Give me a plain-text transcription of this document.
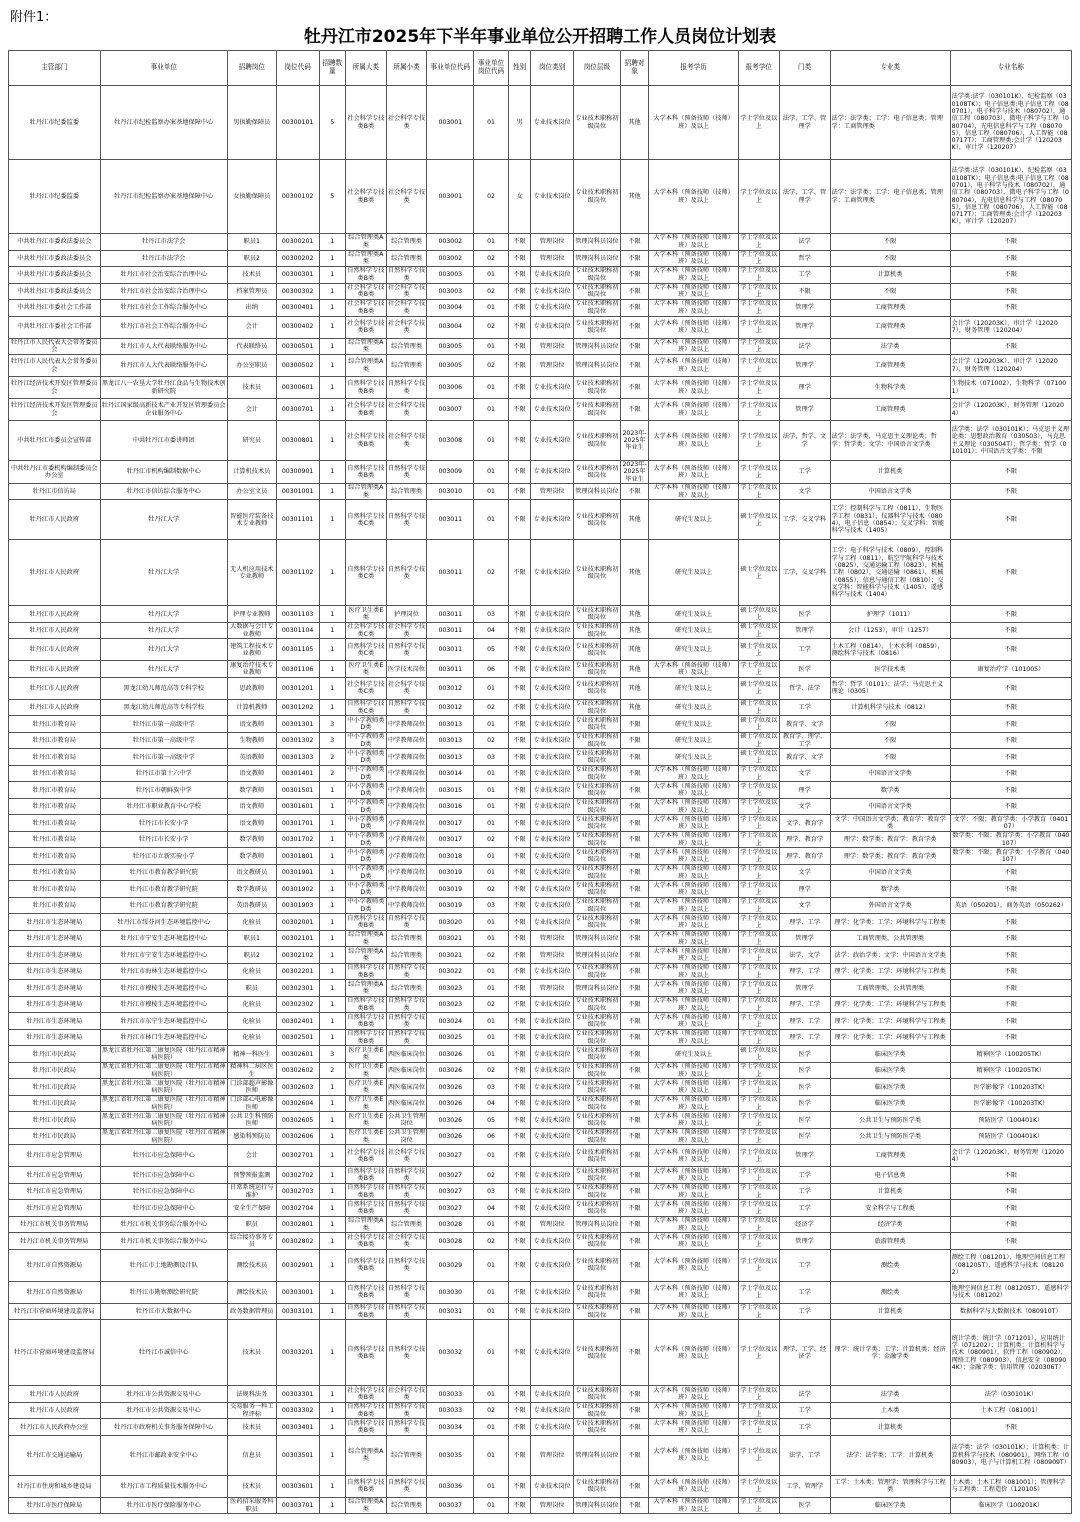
附件1：
牡丹江市2025年下半年事业单位公开招聘工作人员岗位计划表
主管部门	事业单位	招聘岗位	岗位代码	招聘数量	所属大类	所属小类	事业单位代码	事业单位岗位代码	性别	岗位类别	岗位层级	招聘对象	报考学历	报考学位	门类	专业类	专业名称
牡丹江市纪委监委	牡丹江市纪检监察办案基地保障中心	男执勤保障员	00300101	5	社会科学专技类B类	社会科学专技类	003001	01	男	专业技术岗位	专业技术职称初级岗位	其他	大学本科（预备技师（技师）班）及以上	学士学位及以上	法学、工学、管理学	法学：法学类；工学：电子信息类；管理学：工商管理类	法学类:法学（030101K），纪检监察（030108TK）；电子信息类:电子信息工程（080701），电子科学与技术（080702），通信工程（080703），微电子科学与工程（080704），光电信息科学与工程（080705），信息工程（080706），人工智能（080717T）；工商管理类:会计学（120203K），审计学（120207）
牡丹江市纪委监委	牡丹江市纪检监察办案基地保障中心	女执勤保障员	00300102	5	社会科学专技类B类	社会科学专技类	003001	02	女	专业技术岗位	专业技术职称初级岗位	其他	大学本科（预备技师（技师）班）及以上	学士学位及以上	法学、工学、管理学	法学：法学类；工学：电子信息类；管理学：工商管理类	法学类:法学（030101K），纪检监察（030108TK）；电子信息类:电子信息工程（080701），电子科学与技术（080702），通信工程（080703），微电子科学与工程（080704），光电信息科学与工程（080705），信息工程（080706），人工智能（080717T）；工商管理类:会计学（120203K），审计学（120207）
中共牡丹江市委政法委员会	牡丹江市法学会	职员1	00300201	1	综合管理类A类	综合管理类	003002	01	不限	管理岗位	管理岗科员岗位	不限	大学本科（预备技师（技师）班）及以上	学士学位及以上	法学	不限	不限
中共牡丹江市委政法委员会	牡丹江市法学会	职员2	00300202	1	综合管理类A类	综合管理类	003002	02	不限	管理岗位	管理岗科员岗位	不限	大学本科（预备技师（技师）班）及以上	学士学位及以上	哲学	不限	不限
中共牡丹江市委政法委员会	牡丹江市社会治安综合治理中心	技术员	00300301	1	自然科学专技类B类	自然科学专技类	003003	01	不限	专业技术岗位	专业技术职称初级岗位	不限	大学本科（预备技师（技师）班）及以上	学士学位及以上	工学	计算机类	不限
中共牡丹江市委政法委员会	牡丹江市社会治安综合治理中心	档案管理员	00300302	1	社会科学专技类B类	社会科学专技类	003003	02	不限	专业技术岗位	专业技术职称初级岗位	不限	大学本科（预备技师（技师）班）及以上	学士学位及以上	不限	不限	不限
中共牡丹江市委社会工作部	牡丹江市社会工作综合服务中心	出纳	00300401	1	社会科学专技类B类	社会科学专技类	003004	01	不限	专业技术岗位	专业技术职称初级岗位	不限	大学本科（预备技师（技师）班）及以上	学士学位及以上	管理学	工商管理类	不限
中共牡丹江市委社会工作部	牡丹江市社会工作综合服务中心	会计	00300402	1	社会科学专技类B类	社会科学专技类	003004	02	不限	专业技术岗位	专业技术职称初级岗位	不限	大学本科（预备技师（技师）班）及以上	学士学位及以上	管理学	工商管理类	会计学（120203K），审计学（120207），财务管理（120204）
牡丹江市人民代表大会常务委员会	牡丹江市人大代表联络服务中心	代表联络员	00300501	1	综合管理类A类	综合管理类	003005	01	不限	管理岗位	管理岗科员岗位	不限	大学本科（预备技师（技师）班）及以上	学士学位及以上	法学	法学类	不限
牡丹江市人民代表大会常务委员会	牡丹江市人大代表联络服务中心	办公室职员	00300502	1	综合管理类A类	综合管理类	003005	02	不限	管理岗位	管理岗科员岗位	不限	大学本科（预备技师（技师）班）及以上	学士学位及以上	管理学	工商管理类	会计学（120203K），审计学（120207），财务管理（120204）
牡丹江经济技术开发区管理委员会	黑龙江八一农垦大学牡丹江食品与生物技术创新研究院	技术员	00300601	1	自然科学专技类B类	自然科学专技类	003006	01	不限	专业技术岗位	专业技术职称初级岗位	不限	大学本科（预备技师（技师）班）及以上	学士学位及以上	理学	生物科学类	生物技术（071002），生物科学（071001）
牡丹江经济技术开发区管理委员会	牡丹江国家级高新技术产业开发区管理委员会企业服务中心	会计	00300701	1	社会科学专技类B类	社会科学专技类	003007	01	不限	专业技术岗位	专业技术职称初级岗位	不限	大学本科（预备技师（技师）班）及以上	学士学位及以上	管理学	工商管理类	会计学（120203K），财务管理（120204）
中共牡丹江市委员会宣传部	中共牡丹江市委讲师团	研究员	00300801	1	社会科学专技类B类	社会科学专技类	003008	01	不限	专业技术岗位	专业技术职称初级岗位	2023年-2025年毕业生	大学本科（预备技师（技师）班）及以上	学士学位及以上	法学、哲学、文学	法学：法学类，马克思主义理论类；哲学：哲学类；文学：中国语言文学类	法学类：法学（030101K）；马克思主义理论类：思想政治教育（030503），马克思主义理论（030504T）；哲学类：哲学（010101）；中国语言文学类：不限
中共牡丹江市委机构编制委员会办公室	牡丹江市机构编制数据中心	计算机技术员	00300901	1	自然科学专技类B类	自然科学专技类	003009	01	不限	专业技术岗位	专业技术职称初级岗位	2023年-2025年毕业生	大学本科（预备技师（技师）班）及以上	学士学位及以上	工学	计算机类	不限
牡丹江市信访局	牡丹江市信访综合服务中心	办公室文员	00301001	1	综合管理类A类	综合管理类	003010	01	不限	管理岗位	管理岗科员岗位	不限	大学本科（预备技师（技师）班）及以上	学士学位及以上	文学	中国语言文学类	不限
牡丹江市人民政府	牡丹江大学	智能医疗装备技术专业教师	00301101	1	自然科学专技类C类	自然科学专技类	003011	01	不限	专业技术岗位	专业技术职称初级岗位	其他	研究生及以上	硕士学位及以上	工学、交叉学科	工学：控制科学与工程（0811），生物医学工程（0831），仪器科学与技术（0804），电子信息（0854）；交叉学科：智能科学与技术（1405）	不限
牡丹江市人民政府	牡丹江大学	无人机应用技术专业教师	00301102	1	自然科学专技类C类	自然科学专技类	003011	02	不限	专业技术岗位	专业技术职称初级岗位	其他	研究生及以上	硕士学位及以上	工学、交叉学科	工学：电子科学与技术（0809），控制科学与工程（0811），航空宇航科学与技术（0825），交通运输工程（0823），机械工程（0802），交通运输（0861），机械（0855），信息与通信工程（0810）；交叉学科：智能科学与技术（1405），遥感科学与技术（1404）	不限
牡丹江市人民政府	牡丹江大学	护理专业教师	00301103	1	医疗卫生类E类	护理岗位	003011	03	不限	专业技术岗位	专业技术职称初级岗位	其他	研究生及以上	硕士学位及以上	医学	护理学（1011）	不限
牡丹江市人民政府	牡丹江大学	大数据与会计专业教师	00301104	1	社会科学专技类C类	社会科学专技类	003011	04	不限	专业技术岗位	专业技术职称初级岗位	其他	研究生及以上	硕士学位及以上	管理学	会计（1253），审计（1257）	不限
牡丹江市人民政府	牡丹江大学	建筑工程技术专业教师	00301105	1	自然科学专技类C类	自然科学专技类	003011	05	不限	专业技术岗位	专业技术职称初级岗位	其他	研究生及以上	硕士学位及以上	工学	土木工程（0814），土木水利（0859），测绘科学与技术（0816）	不限
牡丹江市人民政府	牡丹江大学	康复治疗技术专业教师	00301106	1	医疗卫生类E类	医学技术岗位	003011	06	不限	专业技术岗位	专业技术职称初级岗位	其他	大学本科（预备技师（技师）班）及以上	学士学位及以上	医学	医学技术类	康复治疗学（101005）
牡丹江市人民政府	黑龙江幼儿师范高等专科学校	思政教师	00301201	1	社会科学专技类C类	社会科学专技类	003012	01	不限	专业技术岗位	专业技术职称初级岗位	其他	研究生及以上	硕士学位及以上	哲学、法学	哲学：哲学（0101）；法学：马克思主义理论（0305）	不限
牡丹江市人民政府	黑龙江幼儿师范高等专科学校	计算机教师	00301202	1	自然科学专技类C类	自然科学专技类	003012	02	不限	专业技术岗位	专业技术职称初级岗位	其他	研究生及以上	硕士学位及以上	工学	计算机科学与技术（0812）	不限
牡丹江市教育局	牡丹江市第一高级中学	语文教师	00301301	3	中小学教师类D类	中学教师岗位	003013	01	不限	专业技术岗位	专业技术职称初级岗位	不限	研究生及以上	硕士学位及以上	教育学、文学	不限	不限
牡丹江市教育局	牡丹江市第一高级中学	生物教师	00301302	3	中小学教师类D类	中学教师岗位	003013	02	不限	专业技术岗位	专业技术职称初级岗位	不限	研究生及以上	硕士学位及以上	教育学、理学、工学	不限	不限
牡丹江市教育局	牡丹江市第一高级中学	英语教师	00301303	2	中小学教师类D类	中学教师岗位	003013	03	不限	专业技术岗位	专业技术职称初级岗位	不限	研究生及以上	硕士学位及以上	教育学、文学	不限	不限
牡丹江市教育局	牡丹江市第十六中学	语文教师	00301401	2	中小学教师类D类	中学教师岗位	003014	01	不限	专业技术岗位	专业技术职称初级岗位	不限	大学本科（预备技师（技师）班）及以上	学士学位及以上	文学	中国语言文学类	不限
牡丹江市教育局	牡丹江市朝鲜族中学	数学教师	00301501	1	中小学教师类D类	中学教师岗位	003015	01	不限	专业技术岗位	专业技术职称初级岗位	不限	大学本科（预备技师（技师）班）及以上	学士学位及以上	理学	数学类	不限
牡丹江市教育局	牡丹江市职业教育中心学校	语文教师	00301601	1	中小学教师类D类	中学教师岗位	003016	01	不限	专业技术岗位	专业技术职称初级岗位	不限	大学本科（预备技师（技师）班）及以上	学士学位及以上	文学	中国语言文学类	不限
牡丹江市教育局	牡丹江市长安小学	语文教师	00301701	1	中小学教师类D类	小学教师岗位	003017	01	不限	专业技术岗位	专业技术职称初级岗位	不限	大学本科（预备技师（技师）班）及以上	学士学位及以上	文学、教育学	文学：中国语言文学类；教育学：教育学类	文学：不限；教育学类：小学教育（040107）
牡丹江市教育局	牡丹江市长安小学	数学教师	00301702	1	中小学教师类D类	小学教师岗位	003017	02	不限	专业技术岗位	专业技术职称初级岗位	不限	大学本科（预备技师（技师）班）及以上	学士学位及以上	理学、教育学	理学：数学类；教育学：教育学类	数学类：不限；教育学类：小学教育（040107）
牡丹江市教育局	牡丹江市立新实验小学	数学教师	00301801	1	中小学教师类D类	小学教师岗位	003018	01	不限	专业技术岗位	专业技术职称初级岗位	不限	大学本科（预备技师（技师）班）及以上	学士学位及以上	理学、教育学	理学：数学类；教育学：教育学类	数学类：不限；教育学类：小学教育（040107）
牡丹江市教育局	牡丹江市教育教学研究院	语文教研员	00301901	1	中小学教师类D类	中学教师岗位	003019	01	不限	专业技术岗位	专业技术职称初级岗位	不限	大学本科（预备技师（技师）班）及以上	学士学位及以上	文学	中国语言文学类	不限
牡丹江市教育局	牡丹江市教育教学研究院	数学教研员	00301902	1	中小学教师类D类	中学教师岗位	003019	02	不限	专业技术岗位	专业技术职称初级岗位	不限	大学本科（预备技师（技师）班）及以上	学士学位及以上	理学	数学类	不限
牡丹江市教育局	牡丹江市教育教学研究院	英语教研员	00301903	1	中小学教师类D类	中学教师岗位	003019	03	不限	专业技术岗位	专业技术职称初级岗位	不限	大学本科（预备技师（技师）班）及以上	学士学位及以上	文学	外国语言文学类	英语（050201），商务英语（050262）
牡丹江市生态环境局	牡丹江市绥芬河生态环境监控中心	化验员	00302001	1	自然科学专技类B类	自然科学专技类	003020	01	不限	专业技术岗位	专业技术职称初级岗位	不限	大学本科（预备技师（技师）班）及以上	学士学位及以上	理学、工学	理学：化学类；工学：环境科学与工程类	不限
牡丹江市生态环境局	牡丹江市宁安生态环境监控中心	职员1	00302101	1	综合管理类A类	综合管理类	003021	01	不限	管理岗位	管理岗科员岗位	不限	大学本科（预备技师（技师）班）及以上	学士学位及以上	管理学	工商管理类，公共管理类	不限
牡丹江市生态环境局	牡丹江市宁安生态环境监控中心	职员2	00302102	1	综合管理类A类	综合管理类	003021	02	不限	管理岗位	管理岗科员岗位	不限	大学本科（预备技师（技师）班）及以上	学士学位及以上	法学、文学	法学：政治学类；文学：中国语言文学类	不限
牡丹江市生态环境局	牡丹江市海林生态环境监控中心	化验员	00302201	1	自然科学专技类B类	自然科学专技类	003022	01	不限	专业技术岗位	专业技术职称初级岗位	不限	大学本科（预备技师（技师）班）及以上	学士学位及以上	理学、工学	理学：化学类；工学：环境科学与工程类	不限
牡丹江市生态环境局	牡丹江市穆棱生态环境监控中心	职员	00302301	1	综合管理类A类	综合管理类	003023	01	不限	管理岗位	管理岗科员岗位	不限	大学本科（预备技师（技师）班）及以上	学士学位及以上	管理学	工商管理类，公共管理类	不限
牡丹江市生态环境局	牡丹江市穆棱生态环境监控中心	化验员	00302302	1	自然科学专技类B类	自然科学专技类	003023	02	不限	专业技术岗位	专业技术职称初级岗位	不限	大学本科（预备技师（技师）班）及以上	学士学位及以上	理学、工学	理学：化学类；工学：环境科学与工程类	不限
牡丹江市生态环境局	牡丹江市东宁生态环境监控中心	化验员	00302401	1	自然科学专技类B类	自然科学专技类	003024	01	不限	专业技术岗位	专业技术职称初级岗位	不限	大学本科（预备技师（技师）班）及以上	学士学位及以上	理学、工学	理学：化学类；工学：环境科学与工程类	不限
牡丹江市生态环境局	牡丹江市林口生态环境监控中心	化验员	00302501	1	自然科学专技类B类	自然科学专技类	003025	01	不限	专业技术岗位	专业技术职称初级岗位	不限	大学本科（预备技师（技师）班）及以上	学士学位及以上	理学、工学	理学：化学类；工学：环境科学与工程类	不限
牡丹江市民政局	黑龙江省牡丹江第二康复医院（牡丹江市精神病医院）	精神一科医生	00302601	3	医疗卫生类E类	西医临床岗位	003026	01	不限	专业技术岗位	专业技术职称初级岗位	不限	研究生及以上	硕士学位及以上	医学	临床医学类	精神医学（100205TK）
牡丹江市民政局	黑龙江省牡丹江第二康复医院（牡丹江市精神病医院）	精神科二病区医生	00302602	2	医疗卫生类E类	西医临床岗位	003026	02	不限	专业技术岗位	专业技术职称初级岗位	不限	大学本科（预备技师（技师）班）及以上	学士学位及以上	医学	临床医学类	精神医学（100205TK）
牡丹江市民政局	黑龙江省牡丹江第二康复医院（牡丹江市精神病医院）	门诊部超声影像医师	00302603	1	医疗卫生类E类	西医临床岗位	003026	03	不限	专业技术岗位	专业技术职称初级岗位	不限	大学本科（预备技师（技师）班）及以上	学士学位及以上	医学	临床医学类	医学影像学（100203TK）
牡丹江市民政局	黑龙江省牡丹江第二康复医院（牡丹江市精神病医院）	门诊部心电影像医师	00302604	1	医疗卫生类E类	西医临床岗位	003026	04	不限	专业技术岗位	专业技术职称初级岗位	不限	大学本科（预备技师（技师）班）及以上	学士学位及以上	医学	临床医学类	医学影像学（100203TK）
牡丹江市民政局	黑龙江省牡丹江第二康复医院（牡丹江市精神病医院）	公共卫生科预防医师	00302605	1	医疗卫生类E类	公共卫生管理岗位	003026	05	不限	专业技术岗位	专业技术职称初级岗位	不限	大学本科（预备技师（技师）班）及以上	学士学位及以上	医学	公共卫生与预防医学类	预防医学（100401K）
牡丹江市民政局	黑龙江省牡丹江第二康复医院（牡丹江市精神病医院）	感染科预防员	00302606	1	医疗卫生类E类	公共卫生管理岗位	003026	06	不限	专业技术岗位	专业技术职称初级岗位	不限	大学本科（预备技师（技师）班）及以上	学士学位及以上	医学	公共卫生与预防医学类	预防医学（100401K）
牡丹江市应急管理局	牡丹江市应急保障中心	会计	00302701	1	社会科学专技类B类	社会科学专技类	003027	01	不限	专业技术岗位	专业技术职称初级岗位	不限	大学本科（预备技师（技师）班）及以上	学士学位及以上	管理学	工商管理类	会计学（120203K），财务管理（120204）
牡丹江市应急管理局	牡丹江市应急保障中心	预警预报监测	00302702	1	自然科学专技类B类	自然科学专技类	003027	02	不限	专业技术岗位	专业技术职称初级岗位	不限	大学本科（预备技师（技师）班）及以上	学士学位及以上	工学	电子信息类	不限
牡丹江市应急管理局	牡丹江市应急保障中心	日常系统运行与维护	00302703	1	自然科学专技类B类	自然科学专技类	003027	03	不限	专业技术岗位	专业技术职称初级岗位	不限	大学本科（预备技师（技师）班）及以上	学士学位及以上	工学	计算机类	不限
牡丹江市应急管理局	牡丹江市应急保障中心	安全生产保障	00302704	1	自然科学专技类B类	自然科学专技类	003027	04	不限	专业技术岗位	专业技术职称初级岗位	不限	大学本科（预备技师（技师）班）及以上	学士学位及以上	工学	安全科学与工程类	不限
牡丹江市机关事务管理局	牡丹江市机关事务综合服务中心	职员	00302801	1	综合管理类A类	综合管理类	003028	01	不限	管理岗位	管理岗科员岗位	不限	大学本科（预备技师（技师）班）及以上	学士学位及以上	经济学	经济学类	不限
牡丹江市机关事务管理局	牡丹江市机关事务综合服务中心	综合接待事务专员	00302802	1	社会科学专技类B类	社会科学专技类	003028	02	不限	专业技术岗位	专业技术职称初级岗位	不限	大学本科（预备技师（技师）班）及以上	学士学位及以上	管理学	旅游管理类	不限
牡丹江市自然资源局	牡丹江市土地勘测设计队	测绘技术员	00302901	1	自然科学专技类B类	自然科学专技类	003029	01	不限	专业技术岗位	专业技术职称初级岗位	不限	大学本科（预备技师（技师）班）及以上	学士学位及以上	工学	测绘类	测绘工程（081201），地理空间信息工程（081205T），遥感科学与技术（081202）
牡丹江市自然资源局	牡丹江市勘察测绘研究院	测绘技术员	00303001	1	自然科学专技类B类	自然科学专技类	003030	01	不限	专业技术岗位	专业技术职称初级岗位	不限	大学本科（预备技师（技师）班）及以上	学士学位及以上	工学	测绘类	地理空间信息工程（081205T），遥感科学与技术（081202）
牡丹江市营商环境建设监督局	牡丹江市大数据中心	政务数据管理员	00303101	1	自然科学专技类B类	自然科学专技类	003031	01	不限	专业技术岗位	专业技术职称初级岗位	不限	大学本科（预备技师（技师）班）及以上	学士学位及以上	工学	计算机类	数据科学与大数据技术（080910T）
牡丹江市营商环境建设监督局	牡丹江市诚信中心	技术员	00303201	1	自然科学专技类B类	自然科学专技类	003032	01	不限	专业技术岗位	专业技术职称初级岗位	不限	大学本科（预备技师（技师）班）及以上	学士学位及以上	理学、工学、经济学	理学：统计学类；工学：计算机类；经济学：金融学类	统计学类：统计学（071201），应用统计学（071202）；计算机类：计算机科学与技术（080901），软件工程（080902），网络工程（080903），信息安全（080904K）；金融学类：信用管理（020306T）
牡丹江市人民政府	牡丹江市公共资源交易中心	法规科法务	00303301	1	社会科学专技类B类	社会科学专技类	003033	01	不限	专业技术岗位	专业技术职称初级岗位	不限	大学本科（预备技师（技师）班）及以上	学士学位及以上	法学	法学类	法学（030101K）
牡丹江市人民政府	牡丹江市公共资源交易中心	交易服务一科工程评标	00303302	1	自然科学专技类B类	自然科学专技类	003033	02	不限	专业技术岗位	专业技术职称初级岗位	不限	大学本科（预备技师（技师）班）及以上	学士学位及以上	工学	土木类	土木工程（081001）
牡丹江市人民政府办公室	牡丹江市政府机关事务服务保障中心	技术员	00303401	1	自然科学专技类B类	自然科学专技类	003034	01	不限	专业技术岗位	专业技术职称初级岗位	不限	大学本科（预备技师（技师）班）及以上	学士学位及以上	工学	计算机类	不限
牡丹江市交通运输局	牡丹江市邮政业安全中心	信息员	00303501	1	综合管理类A类	综合管理类	003035	01	不限	管理岗位	管理岗科员岗位	不限	大学本科（预备技师（技师）班）及以上	学士学位及以上	法学、工学	法学：法学类；工学：计算机类	法学类：法学（030101K）；计算机类：计算机科学与技术（080901），网络工程（080903），电子与计算机工程（080909T）
牡丹江市住房和城乡建设局	牡丹江市工程质量技术服务中心	技术员	00303601	1	自然科学专技类B类	自然科学专技类	003036	01	不限	专业技术岗位	专业技术职称初级岗位	不限	大学本科（预备技师（技师）班）及以上	学士学位及以上	工学、管理学	工学：土木类；管理学：管理科学与工程类	土木类：土木工程（081001）；管理科学与工程类：工程造价（120105）
牡丹江市医疗保障局	牡丹江市医疗保险服务中心	医药招采服务科职员	00303701	1	综合管理类A类	综合管理类	003037	01	不限	管理岗位	管理岗科员岗位	不限	大学本科（预备技师（技师）班）及以上	学士学位及以上	医学	临床医学类	临床医学（100201K）
